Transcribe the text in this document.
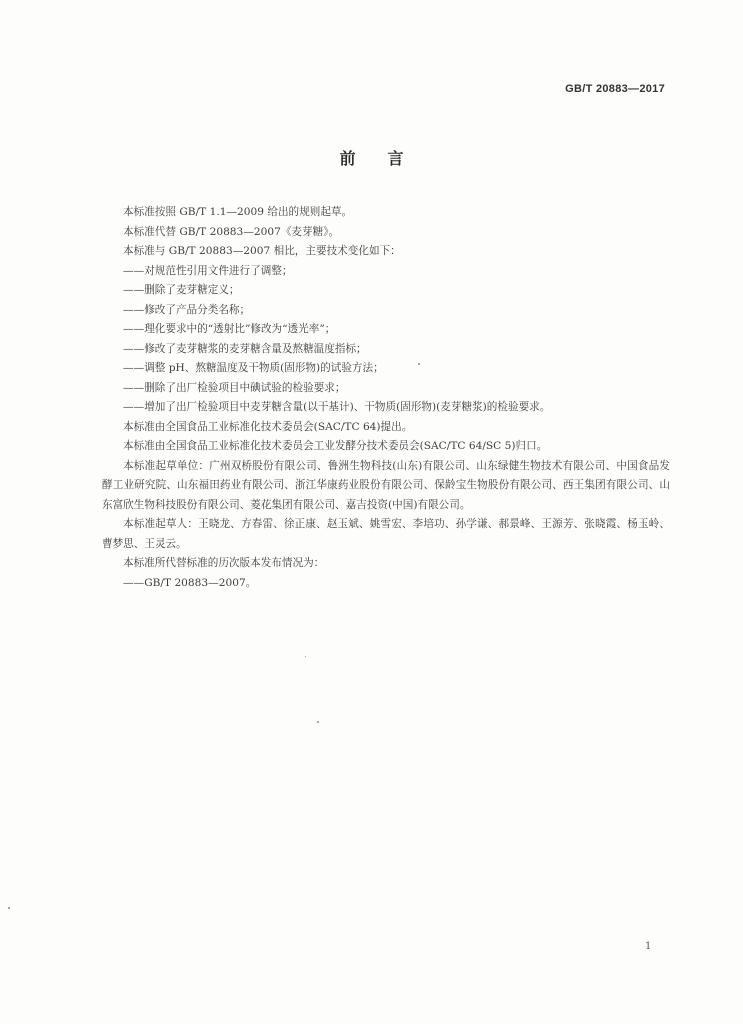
GB/T 20883—2017
前言

本标准按照 GB/T 1.1—2009 给出的规则起草。

本标准代替 GB/T 20883—2007《麦芽糖》。

本标准与 GB/T 20883—2007 相比，主要技术变化如下：

——对规范性引用文件进行了调整；

——删除了麦芽糖定义；

——修改了产品分类名称；

——理化要求中的“透射比”修改为“透光率”；

——修改了麦芽糖浆的麦芽糖含量及熬糖温度指标；

——调整 pH、熬糖温度及干物质(固形物)的试验方法；

——删除了出厂检验项目中碘试验的检验要求；

——增加了出厂检验项目中麦芽糖含量(以干基计)、干物质(固形物)(麦芽糖浆)的检验要求。

本标准由全国食品工业标准化技术委员会(SAC/TC 64)提出。

本标准由全国食品工业标准化技术委员会工业发酵分技术委员会(SAC/TC 64/SC 5)归口。

本标准起草单位：广州双桥股份有限公司、鲁洲生物科技(山东)有限公司、山东绿健生物技术有限公司、中国食品发酵工业研究院、山东福田药业有限公司、浙江华康药业股份有限公司、保龄宝生物股份有限公司、西王集团有限公司、山东富欣生物科技股份有限公司、菱花集团有限公司、嘉吉投资(中国)有限公司。

本标准起草人：王晓龙、方春雷、徐正康、赵玉斌、姚雪宏、李培功、孙学谦、郝景峰、王源芳、张晓霞、杨玉岭、曹梦思、王灵云。

本标准所代替标准的历次版本发布情况为：

——GB/T 20883—2007。

1
